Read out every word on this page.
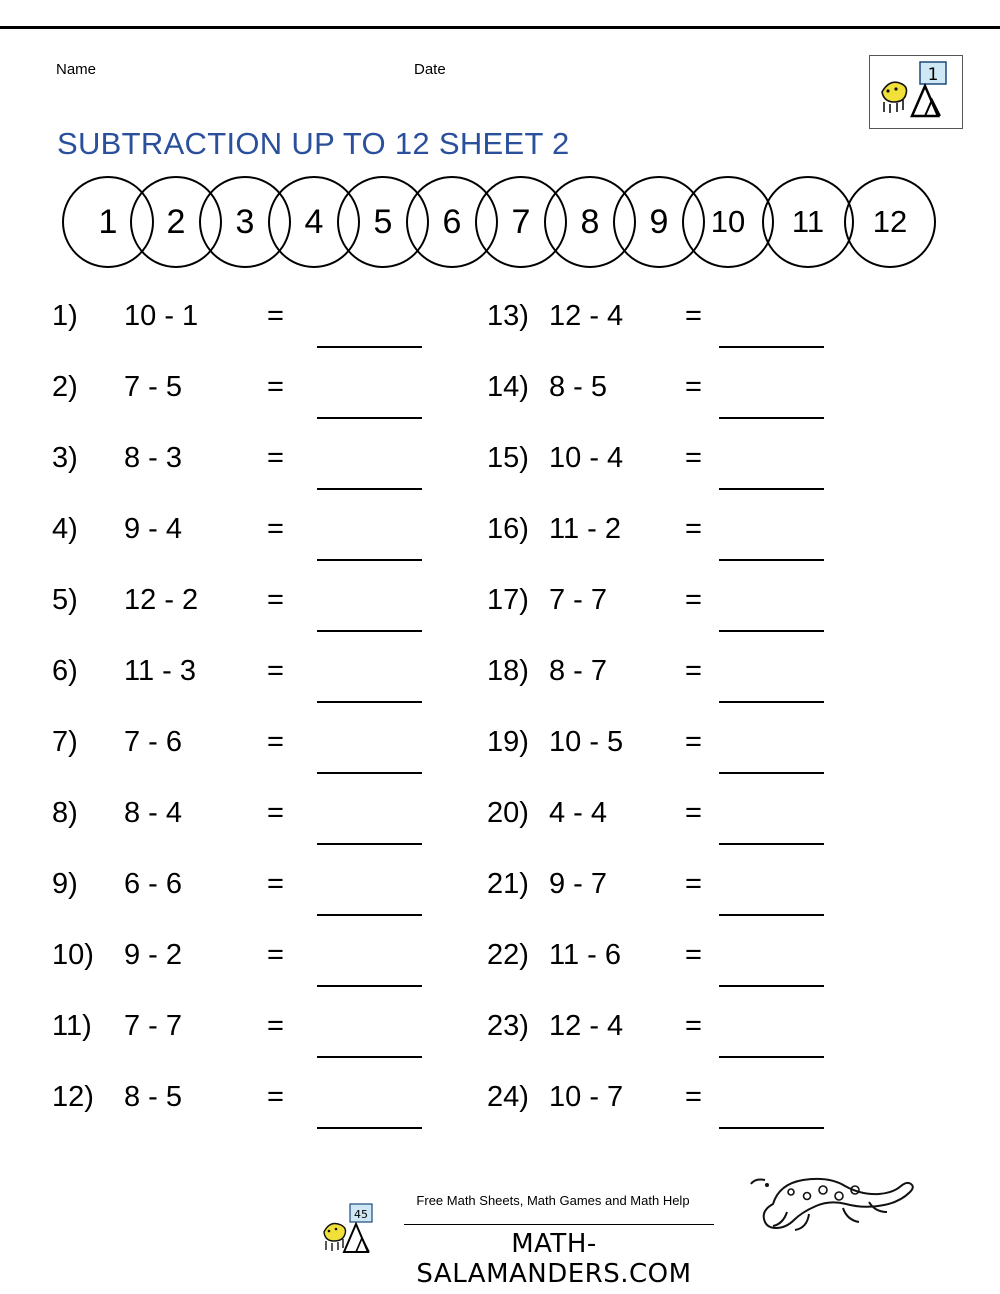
Name	Date	1
SUBTRACTION UP TO 12 SHEET 2
1	2	3	4	5	6	7	8	9	10	11	12
1)	10 - 1 =
2)	7 - 5	=
3)	8 - 3	=
4)	9 - 4	=
5)	12 - 2 =
6)	11 - 3 =
7)	7 - 6	=
8)	8 - 4	=
9)	6 - 6	=
10)	9 - 2	=
11)	7 - 7	=
12)	8 - 5	=
13) 12 - 4 =
14) 8 - 5	=
15) 10 - 4 =
16) 11 - 2 =
17) 7 - 7	=
18) 8 - 7	=
19) 10 - 5 =
20) 4 - 4	=
21) 9 - 7	=
22) 11 - 6 =
23) 12 - 4 =
24) 10 - 7 =
45
Free Math Sheets, Math Games and Math Help
MATH-SALAMANDERS.COM
